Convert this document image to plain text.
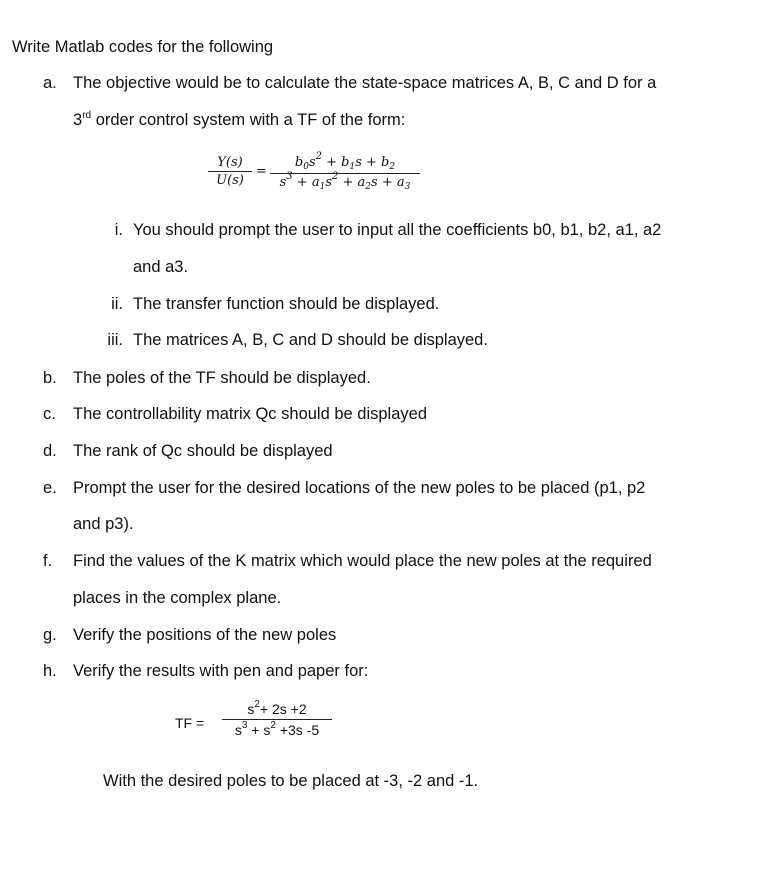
Write Matlab codes for the following
a. The objective would be to calculate the state-space matrices A, B, C and D for a
3rd order control system with a TF of the form:
Y(s)
U(s)
=
$b_0s^2 + b_1s + b_2$
$s^3 + a_1s^2 + a_2s + a_3$
i. You should prompt the user to input all the coefficients b0, b1, b2, a1, a2
and a3.
ii. The transfer function should be displayed.
iii. The matrices A, B, C and D should be displayed.
b. The poles of the TF should be displayed.
c. The controllability matrix Qc should be displayed
d. The rank of Qc should be displayed
e. Prompt the user for the desired locations of the new poles to be placed (p1, p2
and p3).
f. Find the values of the K matrix which would place the new poles at the required
places in the complex plane.
g. Verify the positions of the new poles
h. Verify the results with pen and paper for:
TF =
$s^2+ 2s +2$
$s^3 + s^2 +3s$ -5
With the desired poles to be placed at -3, -2 and -1.
